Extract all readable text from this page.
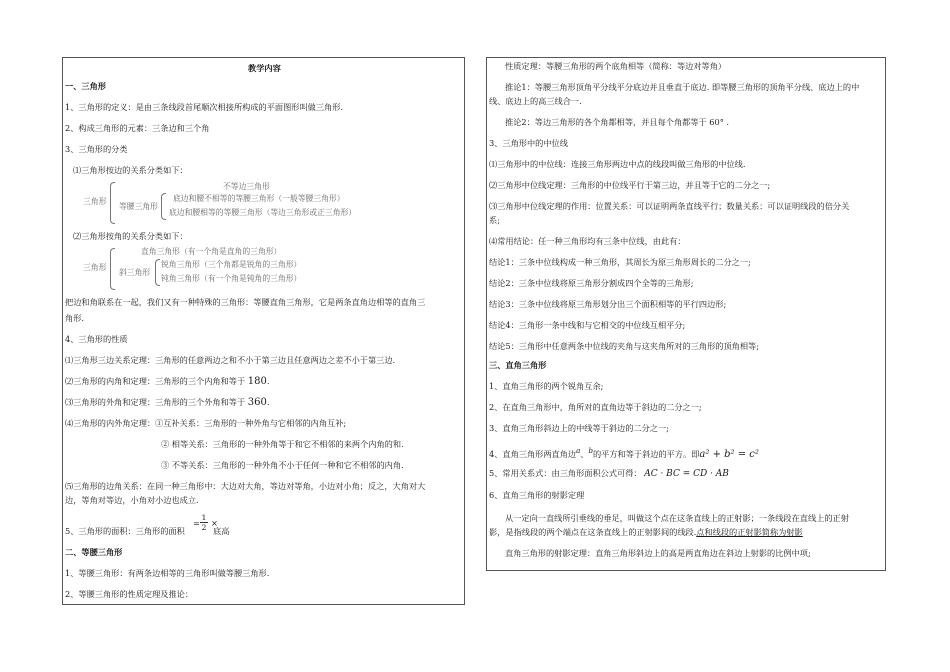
教学内容
一、三角形
1、三角形的定义：是由三条线段首尾顺次相接所构成的平面图形叫做三角形.
2、构成三角形的元素：三条边和三个角
3、三角形的分类
⑴三角形按边的关系分类如下：
三角形
不等边三角形
等腰三角形
底边和腰不相等的等腰三角形（一般等腰三角形）
底边和腰相等的等腰三角形（等边三角形或正三角形）
⑵三角形按角的关系分类如下：
三角形
直角三角形（有一个角是直角的三角形）
斜三角形
锐角三角形（三个角都是锐角的三角形）
钝角三角形（有一个角是钝角的三角形）
把边和角联系在一起，我们又有一种特殊的三角形：等腰直角三角形，它是两条直角边相等的直角三
角形.
4、三角形的性质
⑴三角形三边关系定理：三角形的任意两边之和不小于第三边且任意两边之差不小于第三边.
⑵三角形的内角和定理：三角形的三个内角和等于 180.
⑶三角形的外角和定理：三角形的三个外角和等于 360.
⑷三角形的内外角定理：①互补关系：三角形的一种外角与它相邻的内角互补;
② 相等关系：三角形的一种外角等于和它不相邻的来两个内角的和.
③ 不等关系：三角形的一种外角不小于任何一种和它不相邻的内角.
⑸三角形的边角关系：在同一种三角形中：大边对大角，等边对等角，小边对小角；反之，大角对大
边，等角对等边，小角对小边也成立.
5、三角形的面积：三角形的面积
=
1
2 ×
底高
二、等腰三角形
1、等腰三角形：有两条边相等的三角形叫做等腰三角形.
2、等腰三角形的性质定理及推论：
性质定理：等腰三角形的两个底角相等（简称：等边对等角）
推论1：等腰三角形顶角平分线平分底边并且垂直于底边. 即等腰三角形的顶角平分线、底边上的中
线、底边上的高三线合一.
推论2：等边三角形的各个角都相等，并且每个角都等于 60° .
3、三角形中的中位线
⑴三角形中的中位线：连接三角形两边中点的线段叫做三角形的中位线.
⑵三角形中位线定理：三角形的中位线平行于第三边，并且等于它的二分之一;
⑶三角形中位线定理的作用：位置关系：可以证明两条直线平行；数量关系：可以证明线段的倍分关
系;
⑷常用结论：任一种三角形均有三条中位线，由此有：
结论1：三条中位线构成一种三角形，其周长为原三角形周长的二分之一;
结论2：三条中位线将原三角形分割成四个全等的三角形;
结论3：三条中位线将原三角形划分出三个面积相等的平行四边形;
结论4：三角形一条中线和与它相交的中位线互相平分;
结论5：三角形中任意两条中位线的夹角与这夹角所对的三角形的顶角相等;
三、直角三角形
1、直角三角形的两个锐角互余;
2、在直角三角形中，角所对的直角边等于斜边的二分之一;
3、直角三角形斜边上的中线等于斜边的二分之一;
4、直角三角形两直角边a、b的平方和等于斜边的平方。即a² + b² = c²
5、常用关系式：由三角形面积公式可得： AC · BC = CD · AB
6、直角三角形的射影定理
从一定向一直线所引垂线的垂足，叫做这个点在这条直线上的正射影；一条线段在直线上的正射
影，是指线段的两个端点在这条直线上的正射影间的线段.点和线段的正射影简称为射影
直角三角形的射影定理：直角三角形斜边上的高是两直角边在斜边上射影的比例中项;
